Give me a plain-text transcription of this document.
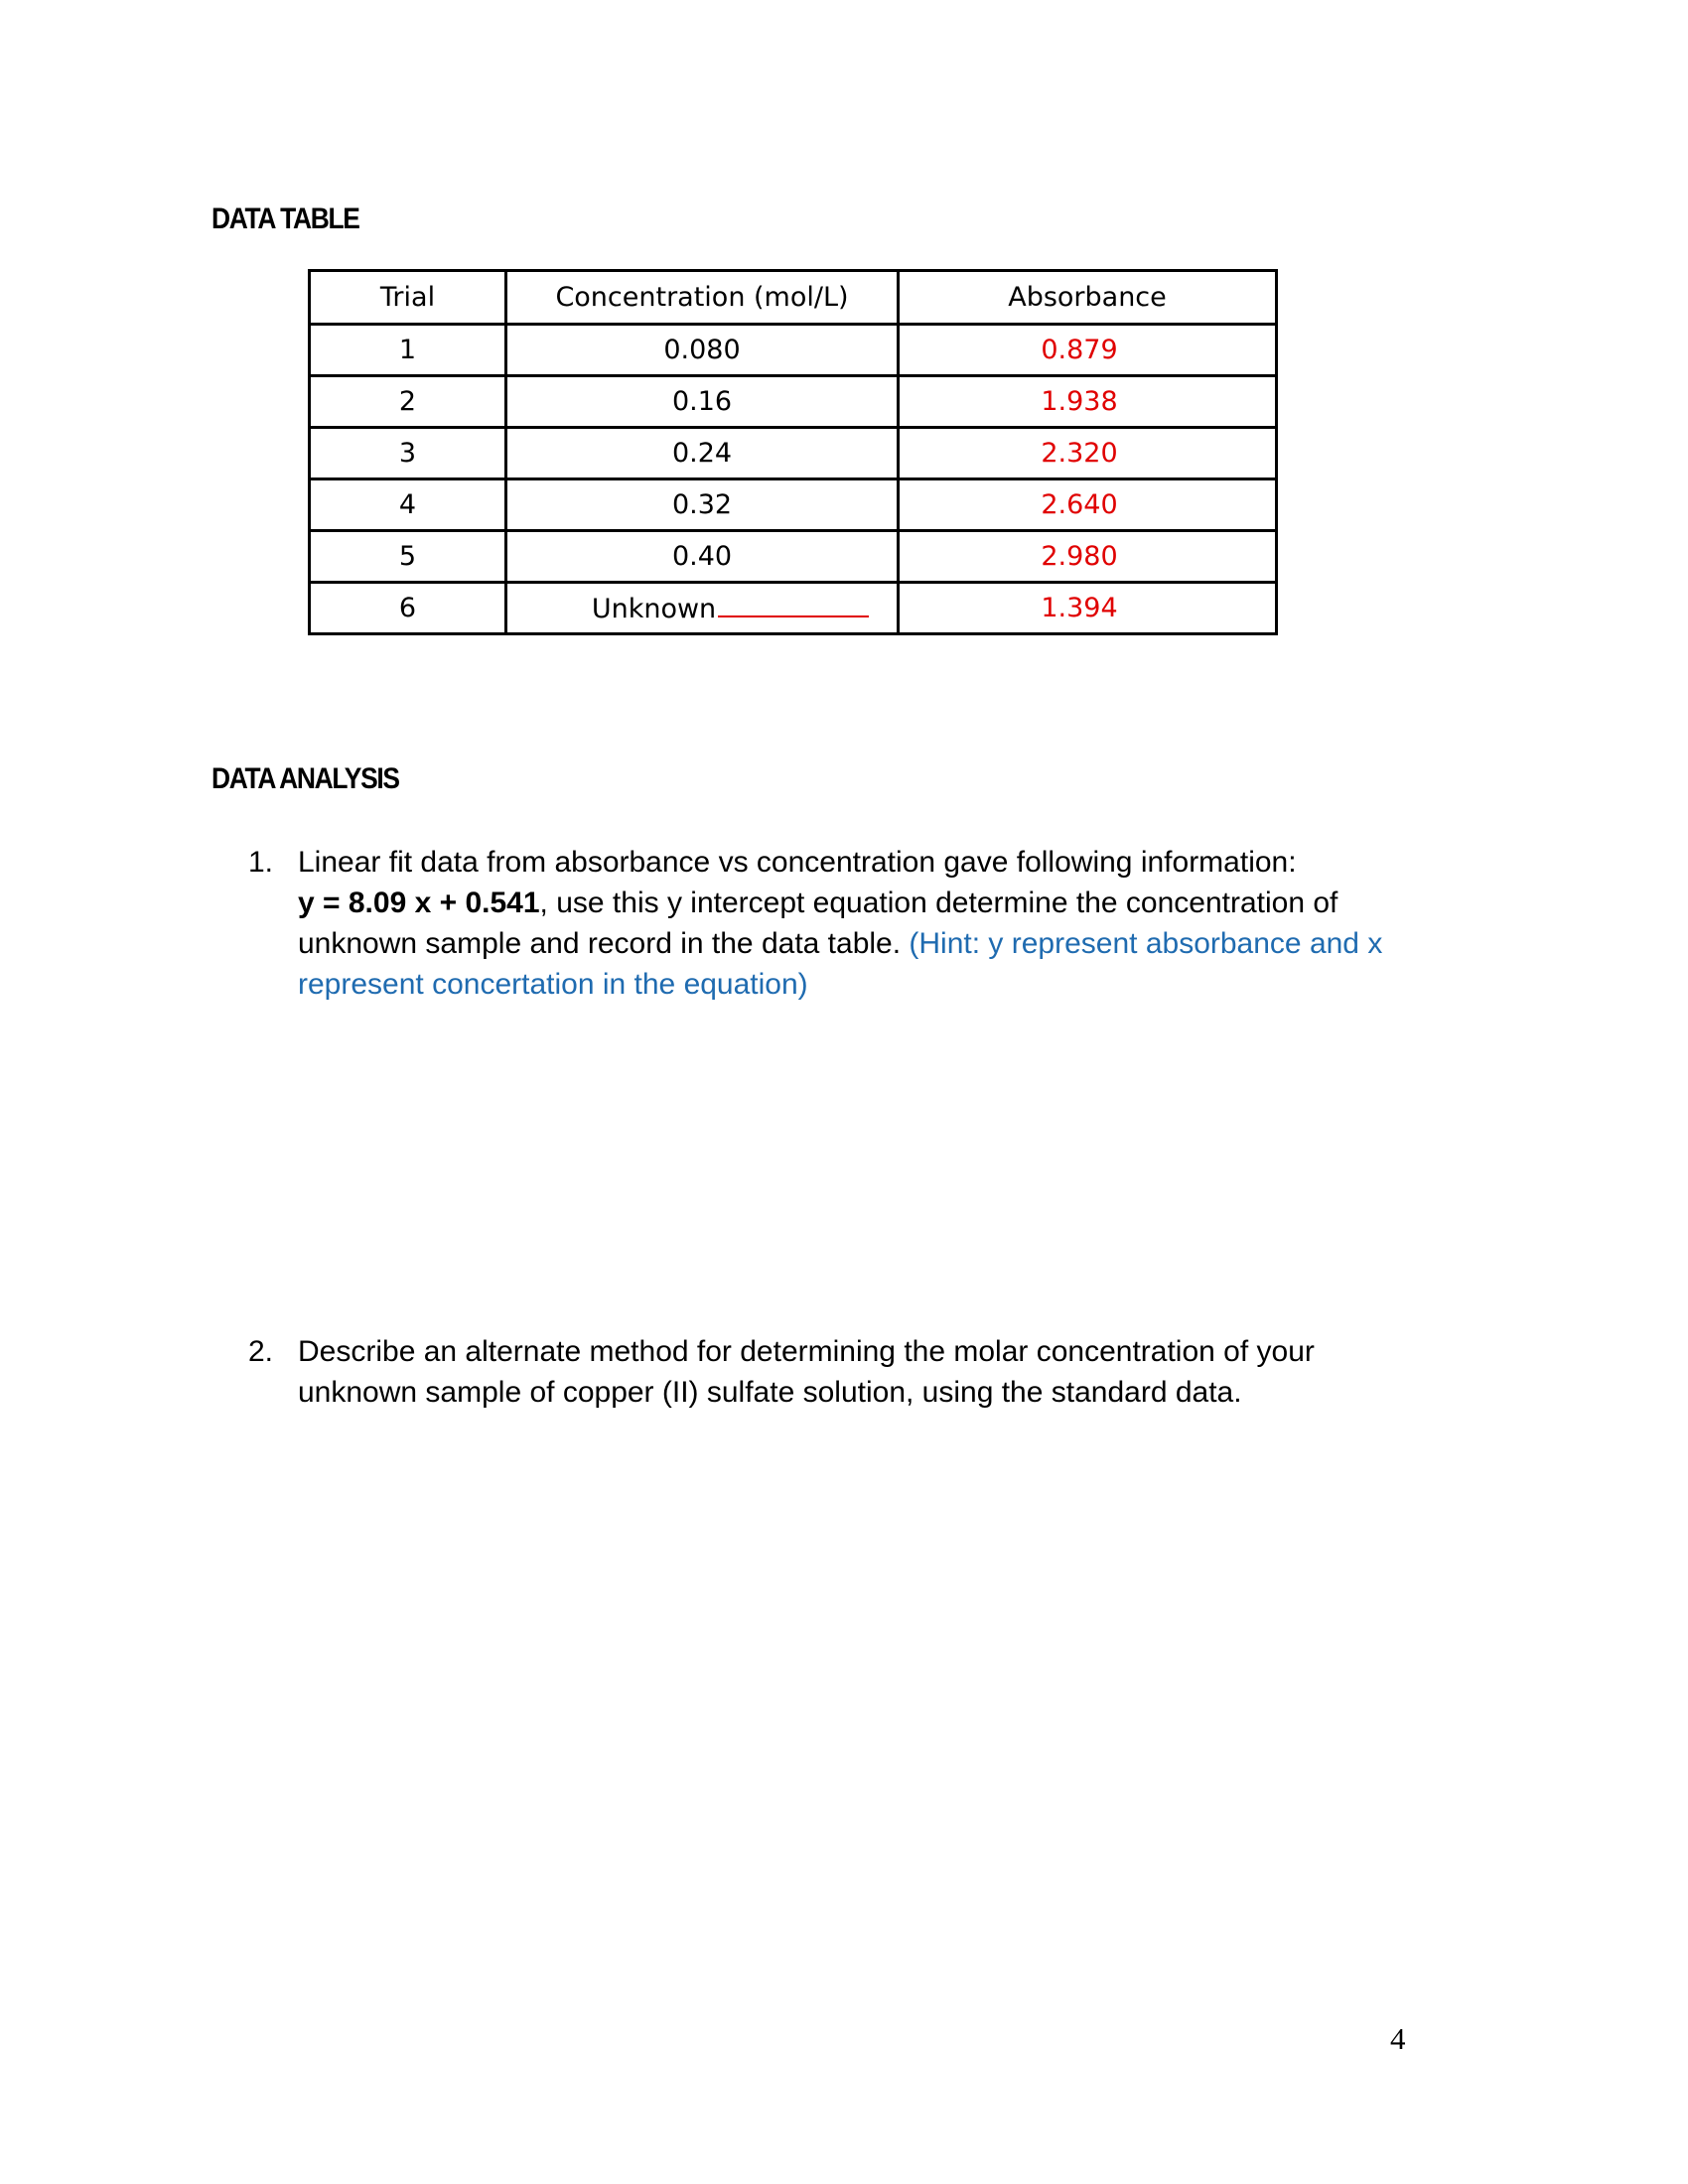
DATA TABLE
Trial	Concentration (mol/L)	Absorbance
1	0.080	0.879
2	0.16	1.938
3	0.24	2.320
4	0.32	2.640
5	0.40	2.980
6	Unknown	1.394
DATA ANALYSIS
1. Linear fit data from absorbance vs concentration gave following information:
y = 8.09 x + 0.541, use this y intercept equation determine the concentration of unknown sample and record in the data table. (Hint: y represent absorbance and x represent concertation in the equation)
2. Describe an alternate method for determining the molar concentration of your unknown sample of copper (II) sulfate solution, using the standard data.
4
